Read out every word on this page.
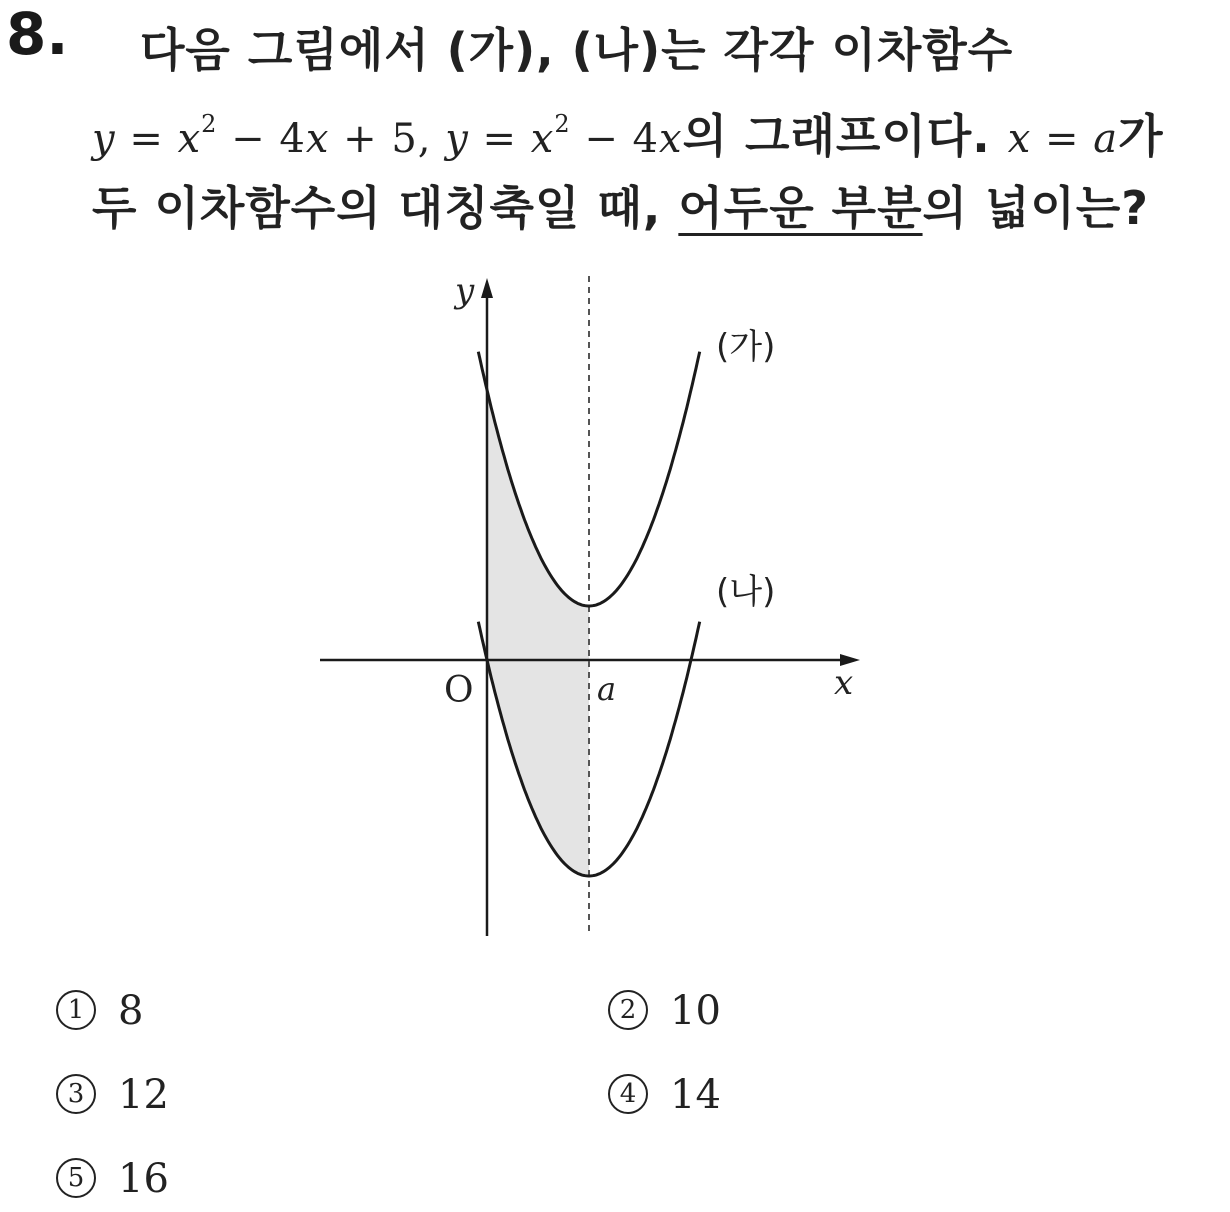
8. 다음 그림에서 (가), (나)는 각각 이차함수
$y = x^2 - 4x + 5$, $y = x^2 - 4x$의 그래프이다. x = a가
두 이차함수의 대칭축일 때, 어두운 부분의 넓이는?
y
x
O	a
(가)
(나)
1 8	2 10
3 12	4 14
5 16
